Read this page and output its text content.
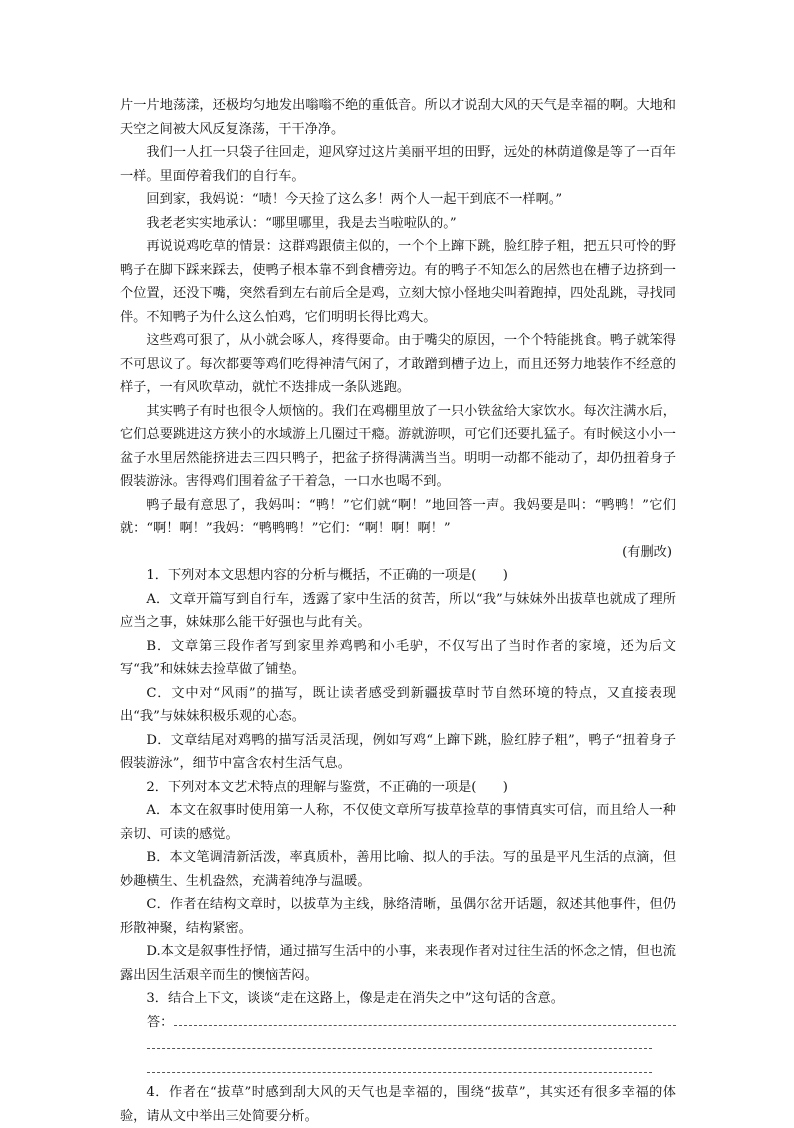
片一片地荡漾，还极均匀地发出嗡嗡不绝的重低音。所以才说刮大风的天气是幸福的啊。大地和天空之间被大风反复涤荡，干干净净。

我们一人扛一只袋子往回走，迎风穿过这片美丽平坦的田野，远处的林荫道像是等了一百年一样。里面停着我们的自行车。

回到家，我妈说：“啧！今天捡了这么多！两个人一起干到底不一样啊。”

我老老实实地承认：“哪里哪里，我是去当啦啦队的。”

再说说鸡吃草的情景：这群鸡跟债主似的，一个个上蹿下跳，脸红脖子粗，把五只可怜的野鸭子在脚下踩来踩去，使鸭子根本靠不到食槽旁边。有的鸭子不知怎么的居然也在槽子边挤到一个位置，还没下嘴，突然看到左右前后全是鸡，立刻大惊小怪地尖叫着跑掉，四处乱跳，寻找同伴。不知鸭子为什么这么怕鸡，它们明明长得比鸡大。

这些鸡可狠了，从小就会啄人，疼得要命。由于嘴尖的原因，一个个特能挑食。鸭子就笨得不可思议了。每次都要等鸡们吃得神清气闲了，才敢蹭到槽子边上，而且还努力地装作不经意的样子，一有风吹草动，就忙不迭排成一条队逃跑。

其实鸭子有时也很令人烦恼的。我们在鸡棚里放了一只小铁盆给大家饮水。每次注满水后，它们总要跳进这方狭小的水域游上几圈过干瘾。游就游呗，可它们还要扎猛子。有时候这小小一盆子水里居然能挤进去三四只鸭子，把盆子挤得满满当当。明明一动都不能动了，却仍扭着身子假装游泳。害得鸡们围着盆子干着急，一口水也喝不到。

鸭子最有意思了，我妈叫：“鸭！”它们就“啊！”地回答一声。我妈要是叫：“鸭鸭！”它们就：“啊！啊！”我妈：“鸭鸭鸭！”它们：“啊！啊！啊！”

(有删改)

1．下列对本文思想内容的分析与概括，不正确的一项是(　　)

A．文章开篇写到自行车，透露了家中生活的贫苦，所以“我”与妹妹外出拔草也就成了理所应当之事，妹妹那么能干好强也与此有关。

B．文章第三段作者写到家里养鸡鸭和小毛驴，不仅写出了当时作者的家境，还为后文写“我”和妹妹去捡草做了铺垫。

C．文中对“风雨”的描写，既让读者感受到新疆拔草时节自然环境的特点，又直接表现出“我”与妹妹积极乐观的心态。

D．文章结尾对鸡鸭的描写活灵活现，例如写鸡“上蹿下跳，脸红脖子粗”，鸭子“扭着身子假装游泳”，细节中富含农村生活气息。

2．下列对本文艺术特点的理解与鉴赏，不正确的一项是(　　)

A．本文在叙事时使用第一人称，不仅使文章所写拔草捡草的事情真实可信，而且给人一种亲切、可读的感觉。

B．本文笔调清新活泼，率真质朴，善用比喻、拟人的手法。写的虽是平凡生活的点滴，但妙趣横生、生机盎然，充满着纯净与温暖。

C．作者在结构文章时，以拔草为主线，脉络清晰，虽偶尔岔开话题，叙述其他事件，但仍形散神聚，结构紧密。

D.本文是叙事性抒情，通过描写生活中的小事，来表现作者对过往生活的怀念之情，但也流露出因生活艰辛而生的懊恼苦闷。

3．结合上下文，谈谈“走在这路上，像是走在消失之中”这句话的含意。

答：

4．作者在“拔草”时感到刮大风的天气也是幸福的，围绕“拔草”，其实还有很多幸福的体验，请从文中举出三处简要分析。
